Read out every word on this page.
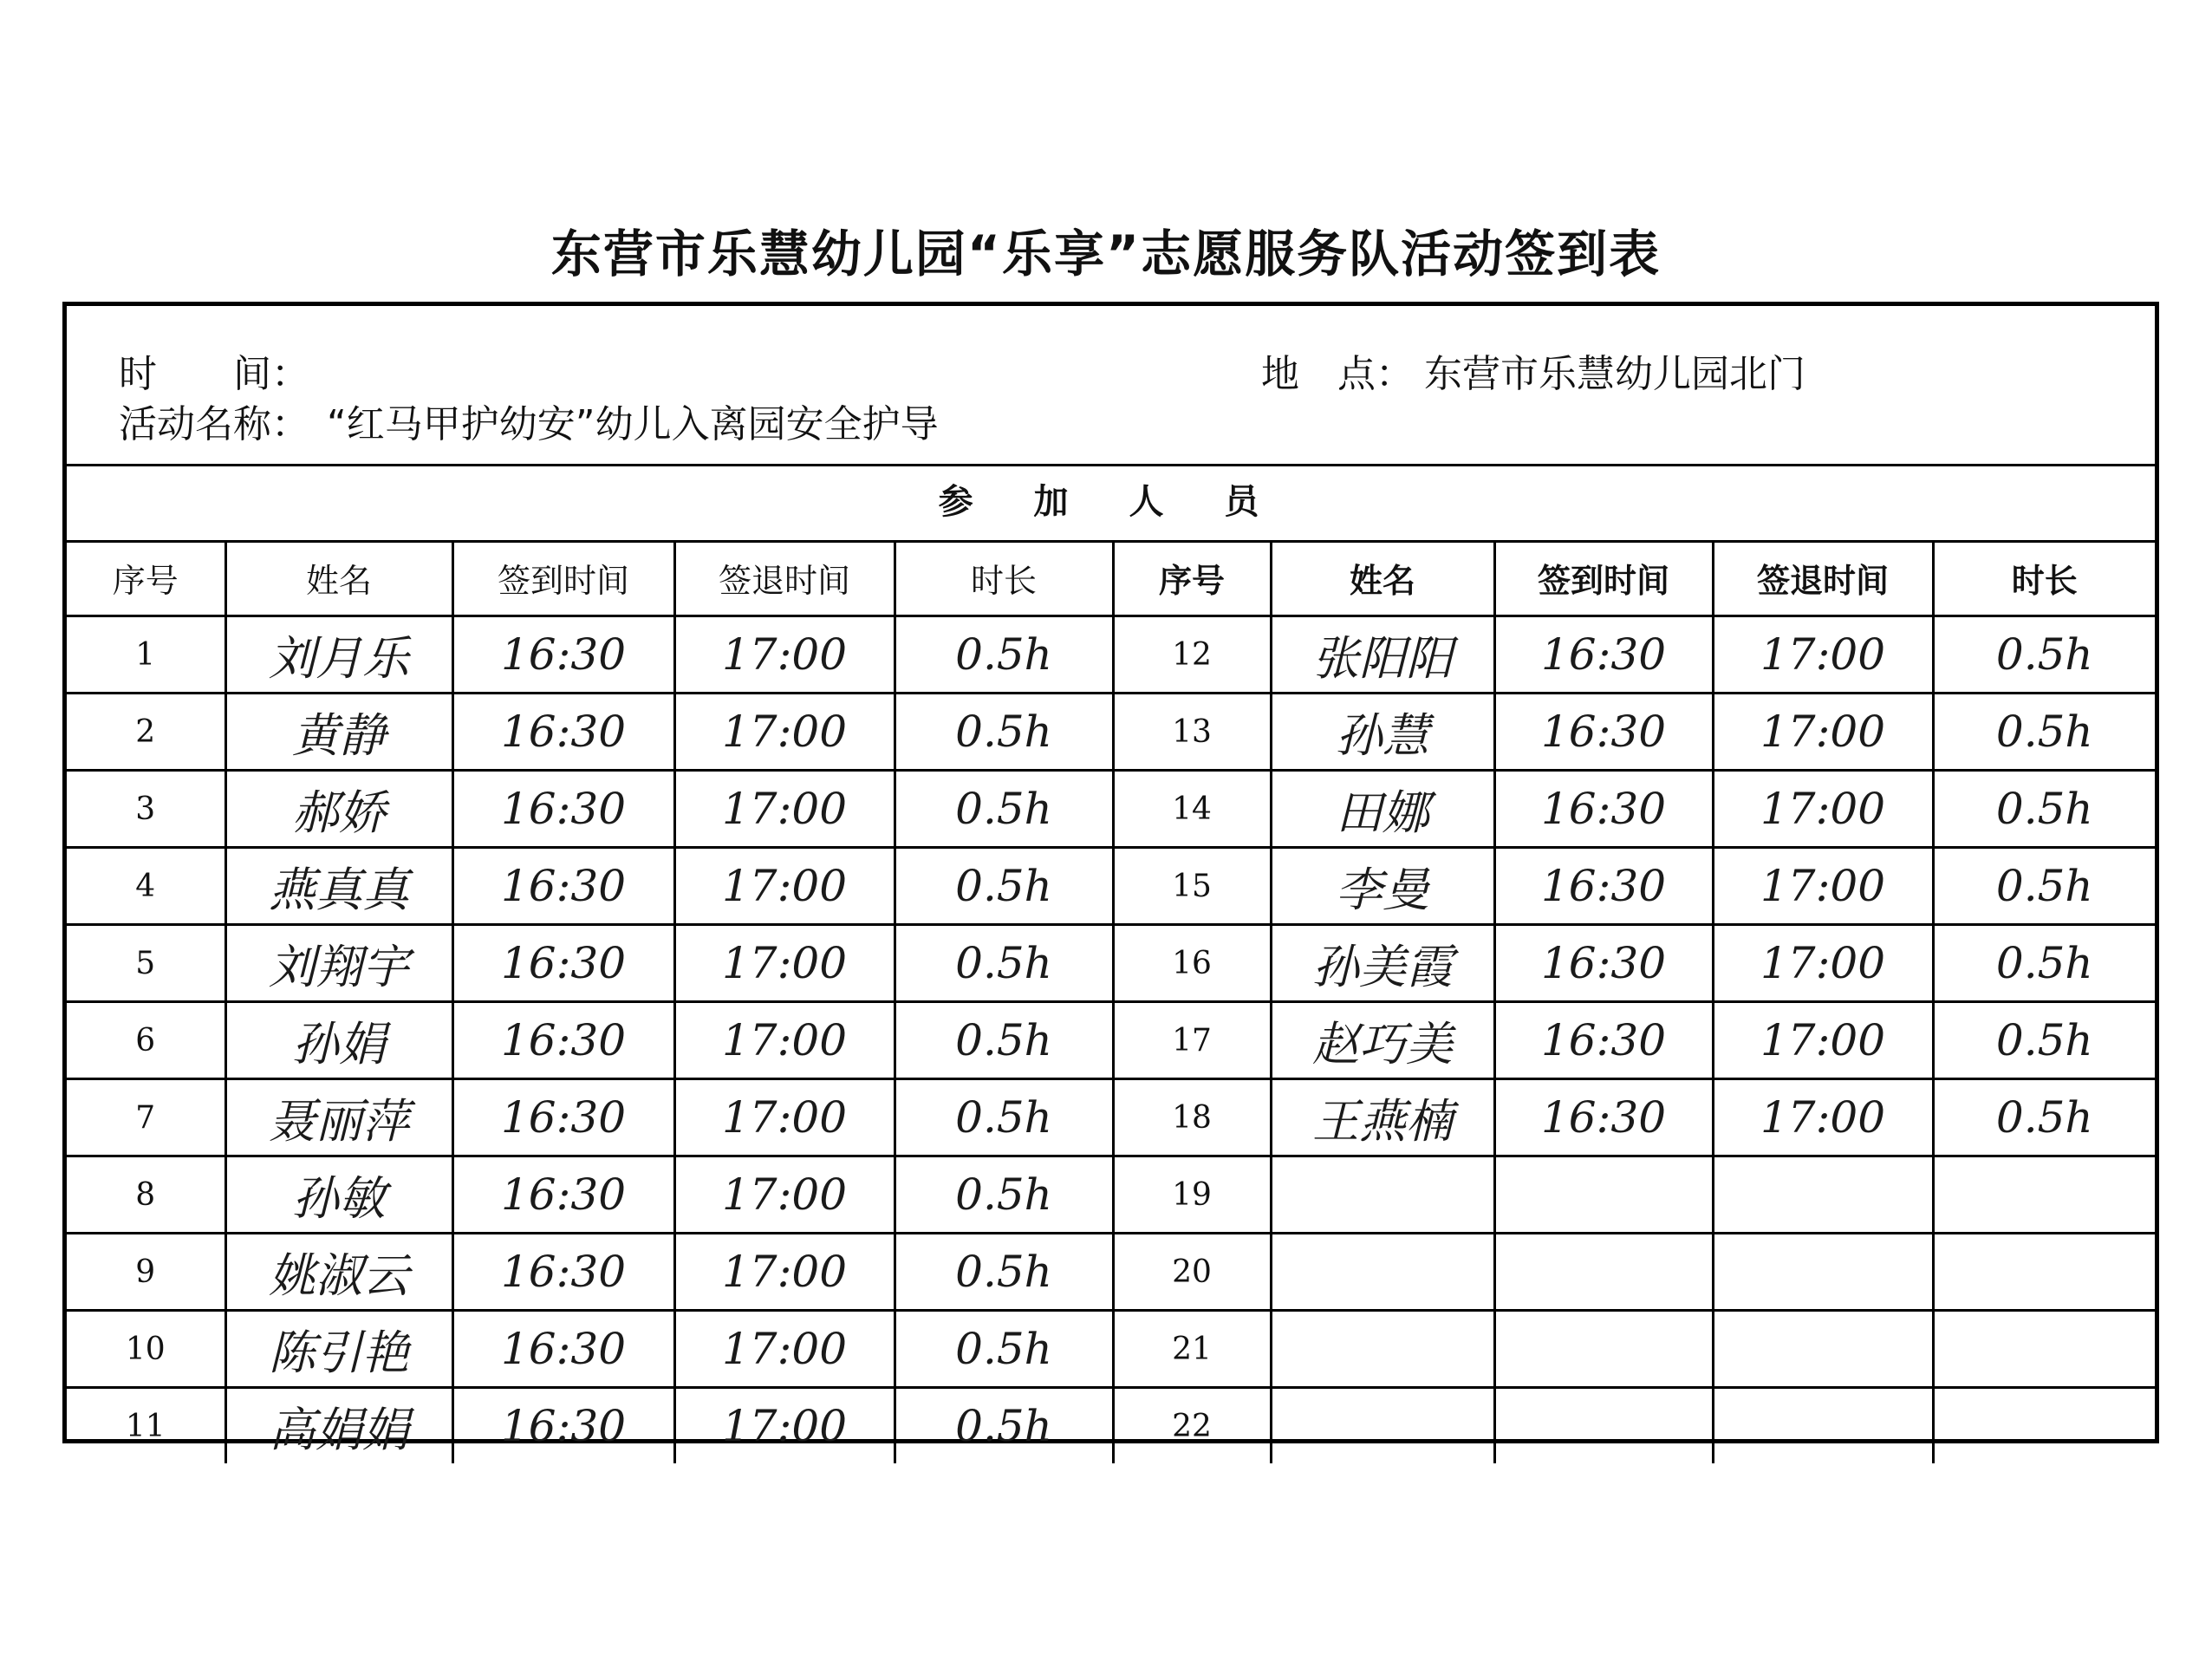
东营市乐慧幼儿园“乐享”志愿服务队活动签到表
时　　间：	地　点： 东营市乐慧幼儿园北门
活动名称： “红马甲护幼安”幼儿入离园安全护导
参 加 人 员
序号	姓名	签到时间	签退时间	时长	序号	姓名	签到时间	签退时间	时长
1	刘月乐	16:30	17:00	0.5h	12	张阳阳	16:30	17:00	0.5h
2	黄静	16:30	17:00	0.5h	13	孙慧	16:30	17:00	0.5h
3	郝娇	16:30	17:00	0.5h	14	田娜	16:30	17:00	0.5h
4	燕真真	16:30	17:00	0.5h	15	李曼	16:30	17:00	0.5h
5	刘翔宇	16:30	17:00	0.5h	16	孙美霞	16:30	17:00	0.5h
6	孙娟	16:30	17:00	0.5h	17	赵巧美	16:30	17:00	0.5h
7	聂丽萍	16:30	17:00	0.5h	18	王燕楠	16:30	17:00	0.5h
8	孙敏	16:30	17:00	0.5h	19				
9	姚淑云	16:30	17:00	0.5h	20				
10	陈引艳	16:30	17:00	0.5h	21				
11	高娟娟	16:30	17:00	0.5h	22				
